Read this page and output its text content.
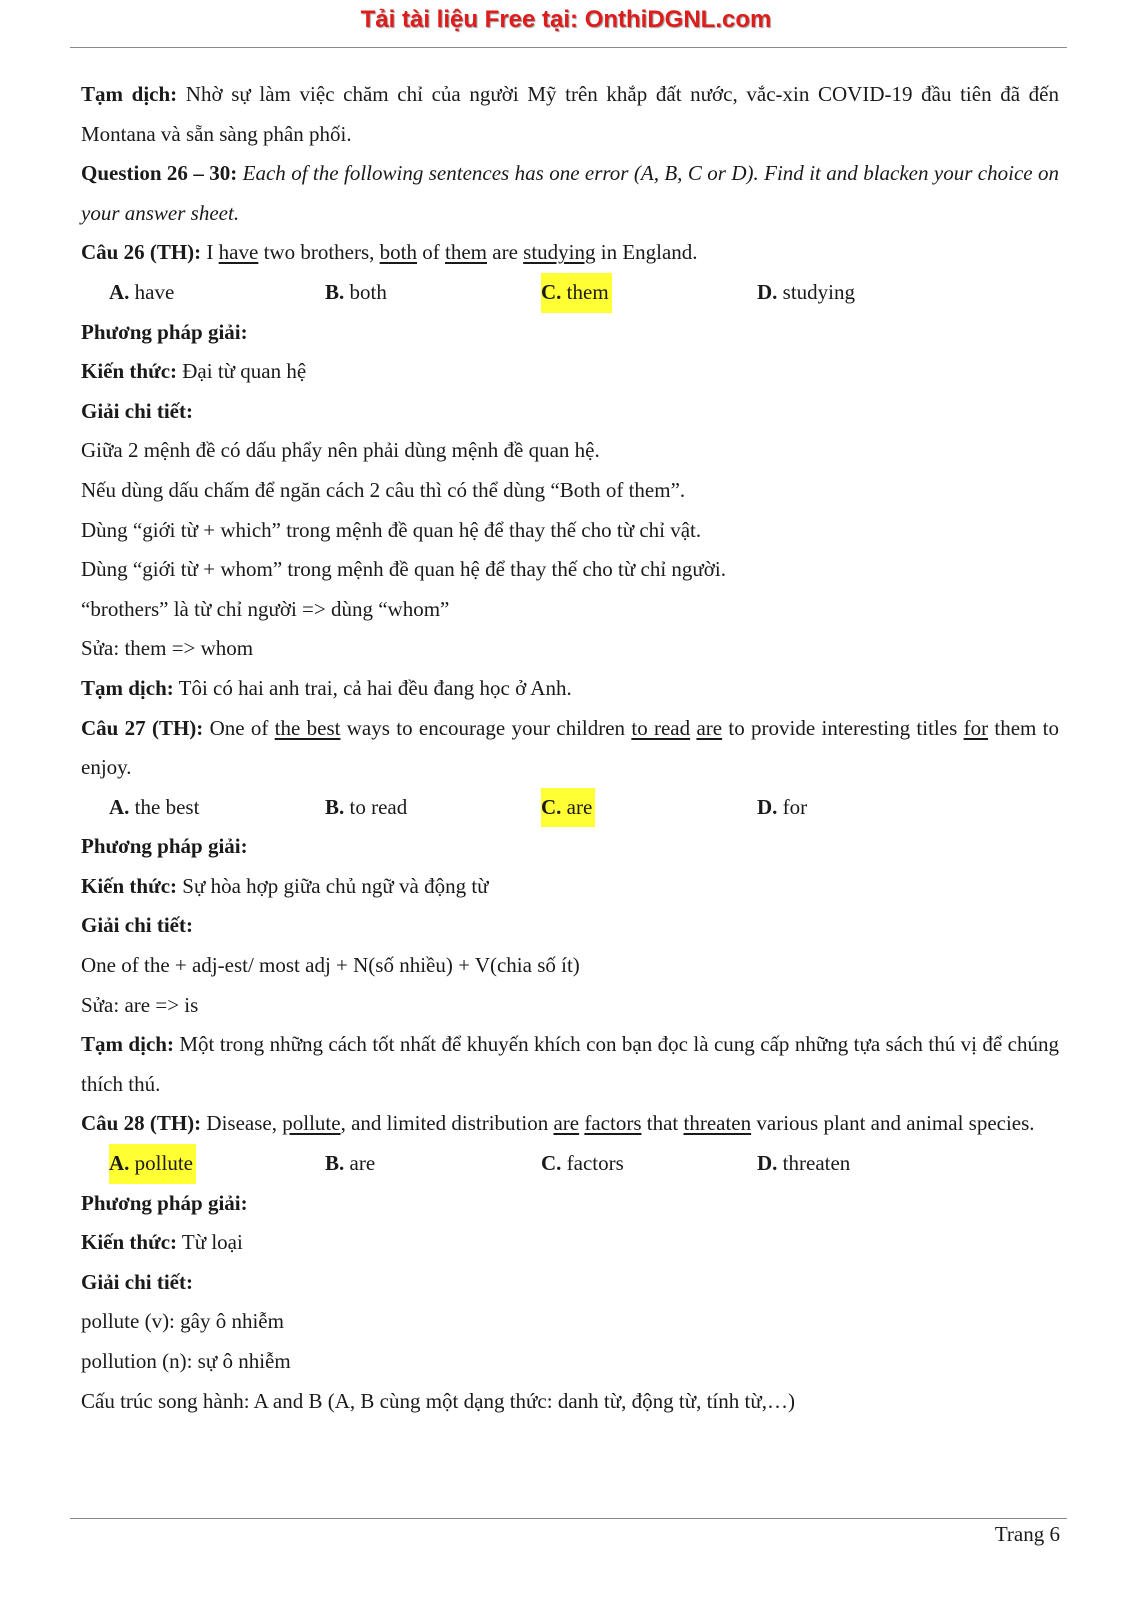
Tải tài liệu Free tại: OnthiDGNL.com

Tạm dịch: Nhờ sự làm việc chăm chỉ của người Mỹ trên khắp đất nước, vắc-xin COVID-19 đầu tiên đã đến Montana và sẵn sàng phân phối.

Question 26 – 30: Each of the following sentences has one error (A, B, C or D). Find it and blacken your choice on your answer sheet.

Câu 26 (TH): I have two brothers, both of them are studying in England.

A. have	B. both	C. them	D. studying

Phương pháp giải:

Kiến thức: Đại từ quan hệ

Giải chi tiết:

Giữa 2 mệnh đề có dấu phẩy nên phải dùng mệnh đề quan hệ.

Nếu dùng dấu chấm để ngăn cách 2 câu thì có thể dùng “Both of them”.

Dùng “giới từ + which” trong mệnh đề quan hệ để thay thế cho từ chỉ vật.

Dùng “giới từ + whom” trong mệnh đề quan hệ để thay thế cho từ chỉ người.

“brothers” là từ chỉ người => dùng “whom”

Sửa: them => whom

Tạm dịch: Tôi có hai anh trai, cả hai đều đang học ở Anh.

Câu 27 (TH): One of the best ways to encourage your children to read are to provide interesting titles for them to enjoy.

A. the best	B. to read	C. are	D. for

Phương pháp giải:

Kiến thức: Sự hòa hợp giữa chủ ngữ và động từ

Giải chi tiết:

One of the + adj-est/ most adj + N(số nhiều) + V(chia số ít)

Sửa: are => is

Tạm dịch: Một trong những cách tốt nhất để khuyến khích con bạn đọc là cung cấp những tựa sách thú vị để chúng thích thú.

Câu 28 (TH): Disease, pollute, and limited distribution are factors that threaten various plant and animal species.

A. pollute	B. are	C. factors	D. threaten

Phương pháp giải:

Kiến thức: Từ loại

Giải chi tiết:

pollute (v): gây ô nhiễm

pollution (n): sự ô nhiễm

Cấu trúc song hành: A and B (A, B cùng một dạng thức: danh từ, động từ, tính từ,…)

Trang 6
